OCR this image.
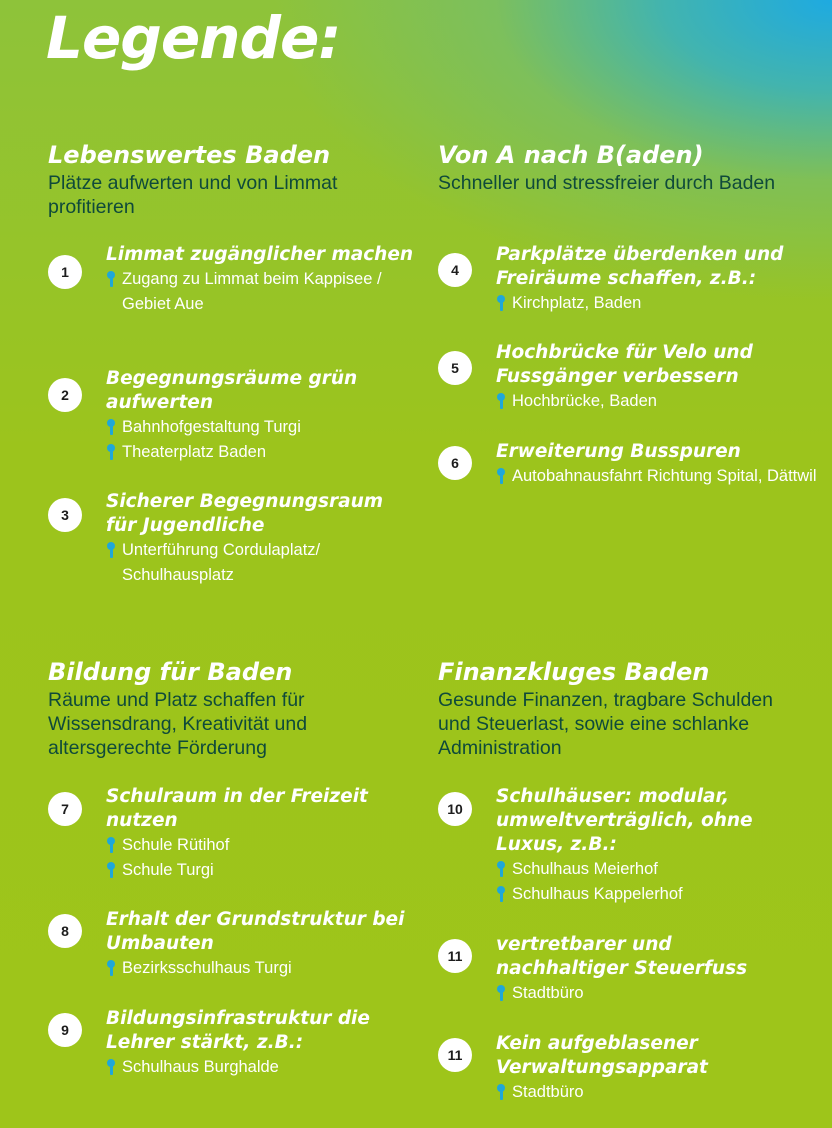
Legende:
Lebenswertes Baden
Plätze aufwerten und von Limmat profitieren
1
Limmat zugänglicher machen
Zugang zu Limmat beim Kappisee / Gebiet Aue
2
Begegnungsräume grün aufwerten
Bahnhofgestaltung Turgi
Theaterplatz Baden
3
Sicherer Begegnungsraum für Jugendliche
Unterführung Cordulaplatz/ Schulhausplatz
Von A nach B(aden)
Schneller und stressfreier durch Baden
4
Parkplätze überdenken und Freiräume schaffen, z.B.:
Kirchplatz, Baden
5
Hochbrücke für Velo und Fussgänger verbessern
Hochbrücke, Baden
6
Erweiterung Busspuren
Autobahnausfahrt Richtung Spital, Dättwil
Bildung für Baden
Räume und Platz schaffen für Wissensdrang, Kreativität und altersgerechte Förderung
7
Schulraum in der Freizeit nutzen
Schule Rütihof
Schule Turgi
8
Erhalt der Grundstruktur bei Umbauten
Bezirksschulhaus Turgi
9
Bildungsinfrastruktur die Lehrer stärkt, z.B.:
Schulhaus Burghalde
Finanzkluges Baden
Gesunde Finanzen, tragbare Schulden und Steuerlast, sowie eine schlanke Administration
10
Schulhäuser: modular, umweltverträglich, ohne Luxus, z.B.:
Schulhaus Meierhof
Schulhaus Kappelerhof
11
vertretbarer und nachhaltiger Steuerfuss
Stadtbüro
11
Kein aufgeblasener Verwaltungsapparat
Stadtbüro
